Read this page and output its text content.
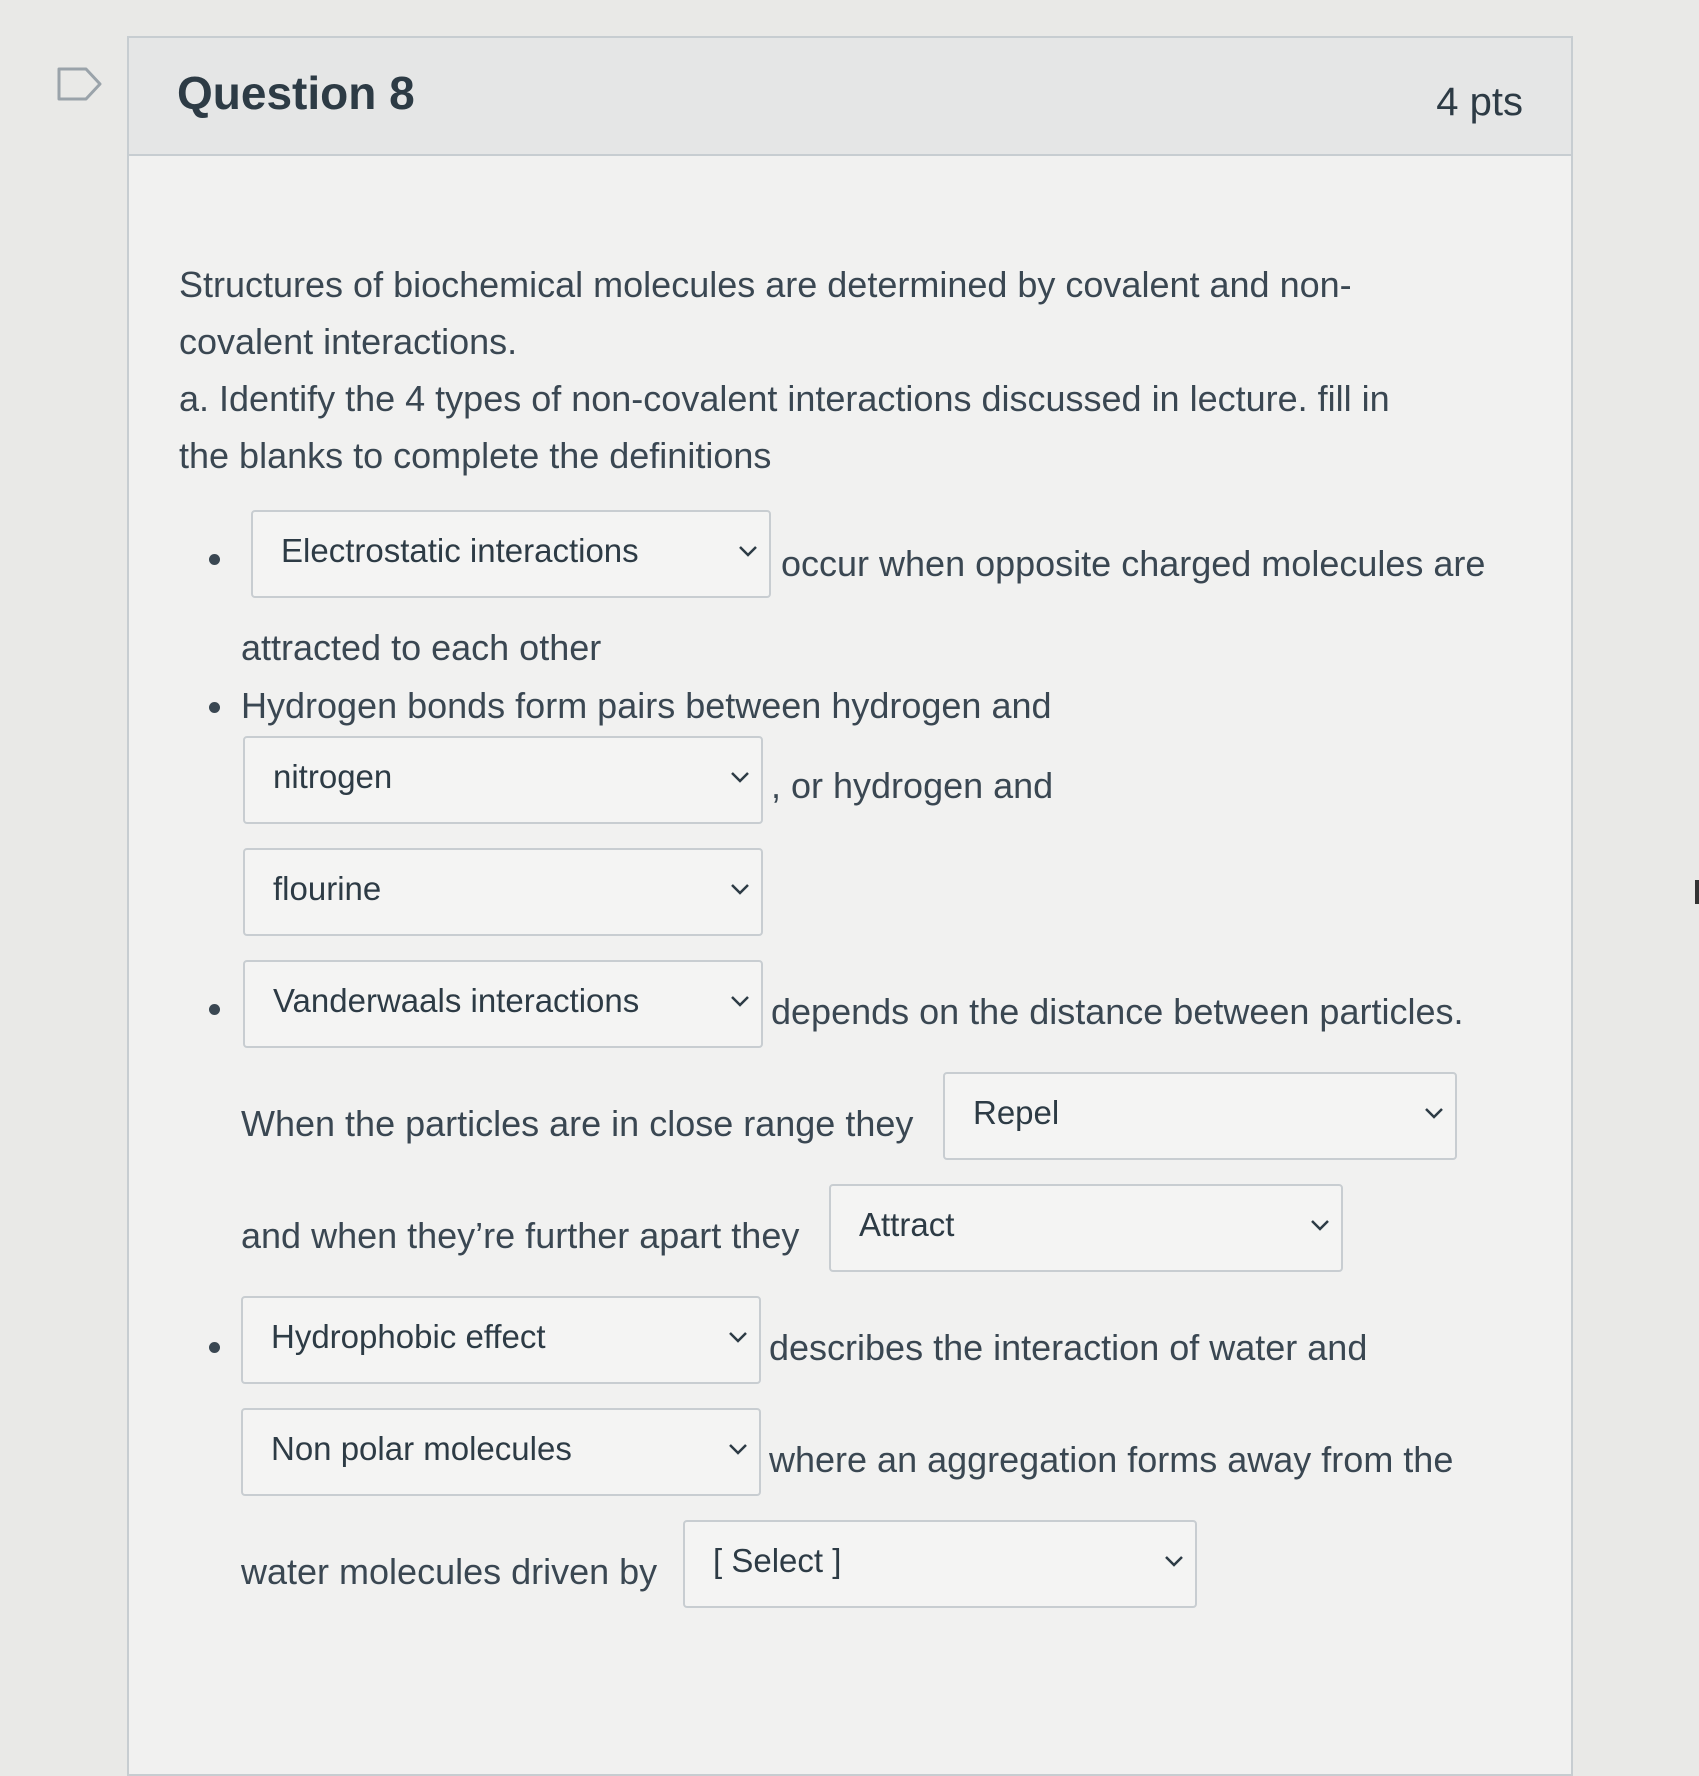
Question 8	4 pts
Structures of biochemical molecules are determined by covalent and non-
covalent interactions.
a. Identify the 4 types of non-covalent interactions discussed in lecture. fill in
the blanks to complete the definitions
Electrostatic interactions	occur when opposite charged molecules are
attracted to each other
Hydrogen bonds form pairs between hydrogen and
nitrogen	, or hydrogen and
flourine
Vanderwaals interactions	depends on the distance between particles.
When the particles are in close range they Repel
and when they’re further apart they Attract
Hydrophobic effect	describes the interaction of water and
Non polar molecules	where an aggregation forms away from the
water molecules driven by [ Select ]
